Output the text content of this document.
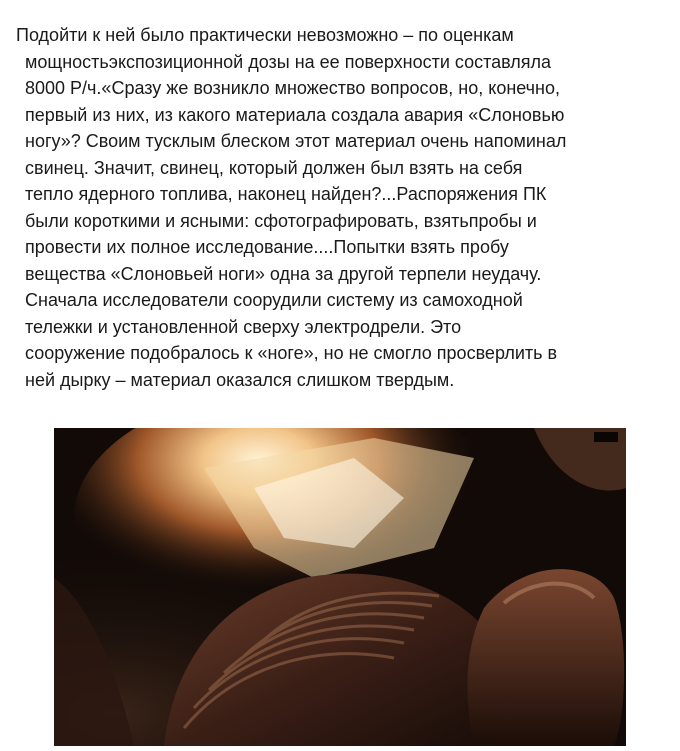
Подойти к ней было практически невозможно – по оценкам
мощностьэкспозиционной дозы на ее поверхности составляла
8000 Р/ч.«Сразу же возникло множество вопросов, но, конечно,
первый из них, из какого материала создала авария «Слоновью
ногу»? Своим тусклым блеском этот материал очень напоминал
свинец. Значит, свинец, который должен был взять на себя
тепло ядерного топлива, наконец найден?...Распоряжения ПК
были короткими и ясными: сфотографировать, взятьпробы и
провести их полное исследование....Попытки взять пробу
вещества «Слоновьей ноги» одна за другой терпели неудачу.
Сначала исследователи соорудили систему из самоходной
тележки и установленной сверху электродрели. Это
сооружение подобралось к «ноге», но не смогло просверлить в
ней дырку – материал оказался слишком твердым.
